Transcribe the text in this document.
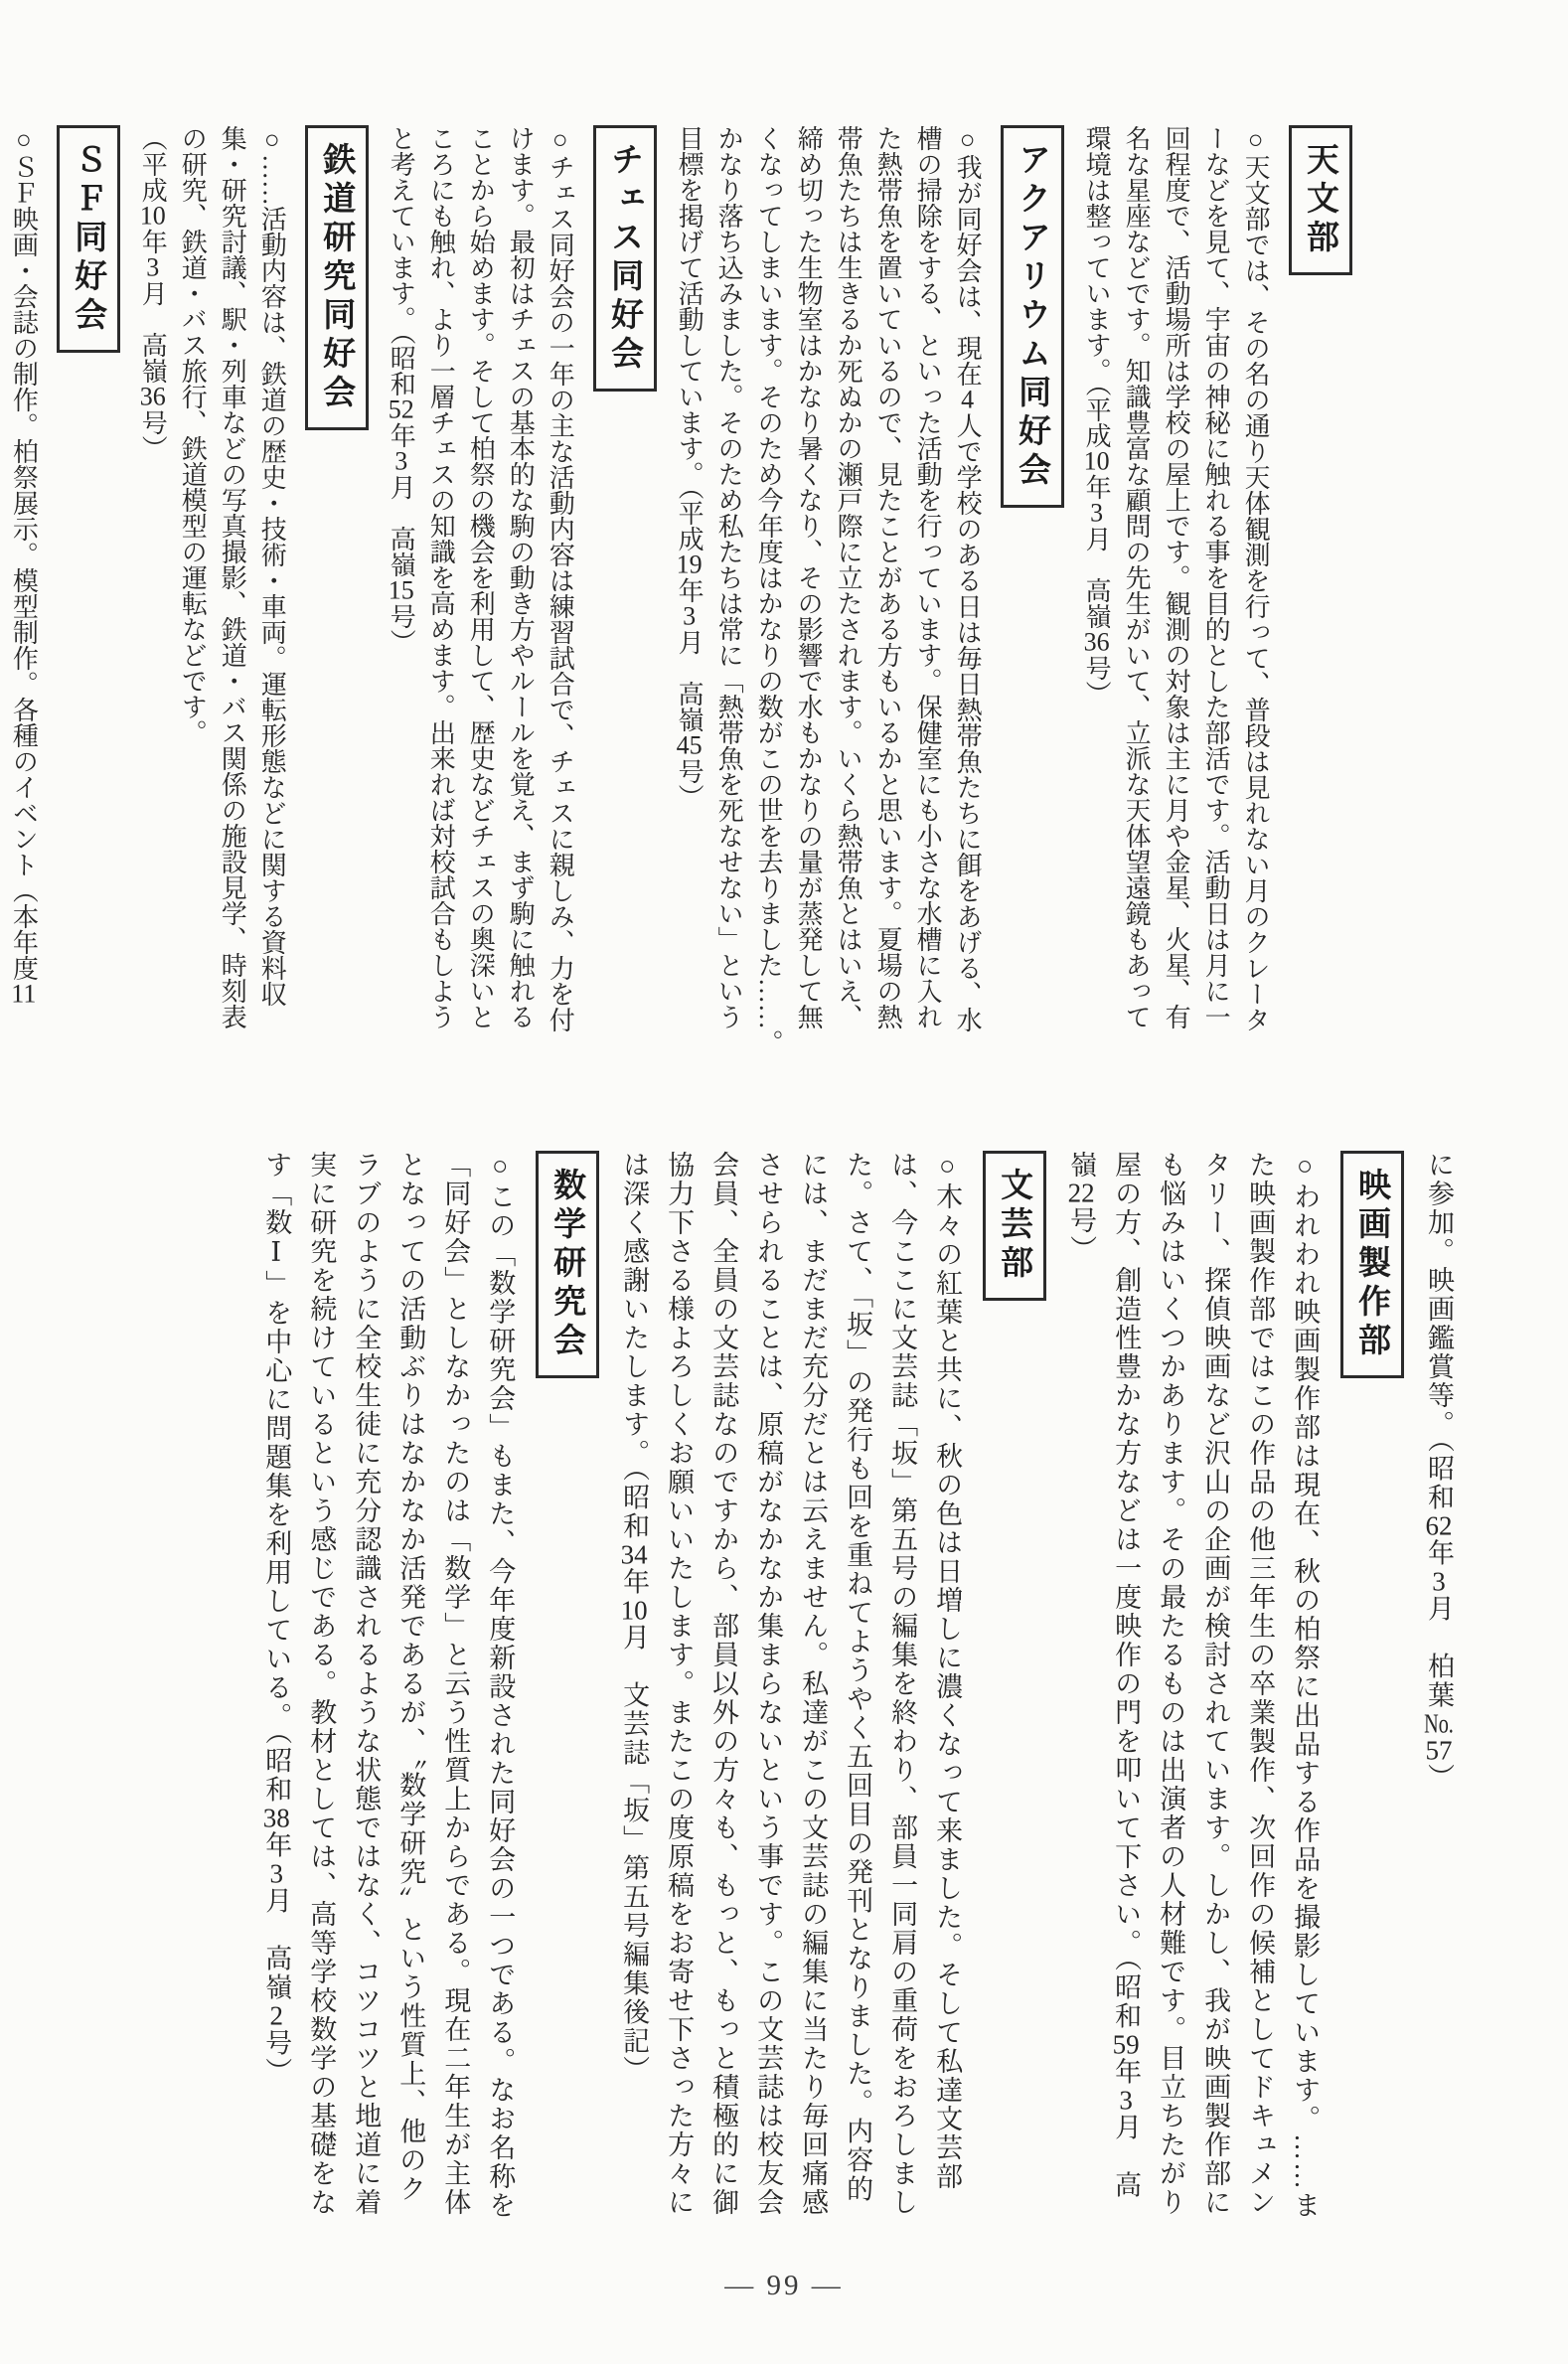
天文部

○天文部では、その名の通り天体観測を行って、普段は見れない月のクレーターなどを見て、宇宙の神秘に触れる事を目的とした部活です。活動日は月に一回程度で、活動場所は学校の屋上です。観測の対象は主に月や金星、火星、有名な星座などです。知識豊富な顧問の先生がいて、立派な天体望遠鏡もあって環境は整っています。（平成10年3月　高嶺36号）

アクアリウム同好会

○我が同好会は、現在4人で学校のある日は毎日熱帯魚たちに餌をあげる、水槽の掃除をする、といった活動を行っています。保健室にも小さな水槽に入れた熱帯魚を置いているので、見たことがある方もいるかと思います。夏場の熱帯魚たちは生きるか死ぬかの瀬戸際に立たされます。いくら熱帯魚とはいえ、締め切った生物室はかなり暑くなり、その影響で水もかなりの量が蒸発して無くなってしまいます。そのため今年度はかなりの数がこの世を去りました……。　かなり落ち込みました。そのため私たちは常に「熱帯魚を死なせない」という目標を掲げて活動しています。（平成19年3月　高嶺45号）

チェス同好会

○チェス同好会の一年の主な活動内容は練習試合で、チェスに親しみ、力を付けます。最初はチェスの基本的な駒の動き方やルールを覚え、まず駒に触れることから始めます。そして柏祭の機会を利用して、歴史などチェスの奥深いところにも触れ、より一層チェスの知識を高めます。出来れば対校試合もしようと考えています。（昭和52年3月　高嶺15号）

鉄道研究同好会

○……活動内容は、鉄道の歴史・技術・車両。運転形態などに関する資料収集・研究討議、駅・列車などの写真撮影、鉄道・バス関係の施設見学、時刻表の研究、鉄道・バス旅行、鉄道模型の運転などです。

（平成10年3月　高嶺36号）

ＳＦ同好会

○ＳＦ映画・会誌の制作。柏祭展示。模型制作。各種のイベント（本年度11

に参加。映画鑑賞等。（昭和62年3月　柏葉No.57）

映画製作部

○われわれ映画製作部は現在、秋の柏祭に出品する作品を撮影しています。……また映画製作部ではこの作品の他三年生の卒業製作、次回作の候補としてドキュメンタリー、探偵映画など沢山の企画が検討されています。しかし、我が映画製作部にも悩みはいくつかあります。その最たるものは出演者の人材難です。目立ちたがり屋の方、創造性豊かな方などは一度映作の門を叩いて下さい。（昭和59年3月　高嶺22号）

文芸部

○木々の紅葉と共に、秋の色は日増しに濃くなって来ました。そして私達文芸部は、今ここに文芸誌「坂」第五号の編集を終わり、部員一同肩の重荷をおろしました。さて、「坂」の発行も回を重ねてようやく五回目の発刊となりました。内容的には、まだまだ充分だとは云えません。私達がこの文芸誌の編集に当たり毎回痛感させられることは、原稿がなかなか集まらないという事です。この文芸誌は校友会会員、全員の文芸誌なのですから、部員以外の方々も、もっと、もっと積極的に御協力下さる様よろしくお願いいたします。またこの度原稿をお寄せ下さった方々には深く感謝いたします。（昭和34年10月　文芸誌「坂」第五号編集後記）

数学研究会

○この「数学研究会」もまた、今年度新設された同好会の一つである。なお名称を「同好会」としなかったのは「数学」と云う性質上からである。現在二年生が主体となっての活動ぶりはなかなか活発であるが、〝数学研究〟という性質上、他のクラブのように全校生徒に充分認識されるような状態ではなく、コツコツと地道に着実に研究を続けているという感じである。教材としては、高等学校数学の基礎をなす「数Ⅰ」を中心に問題集を利用している。（昭和38年3月　高嶺2号）

― 99 ―
